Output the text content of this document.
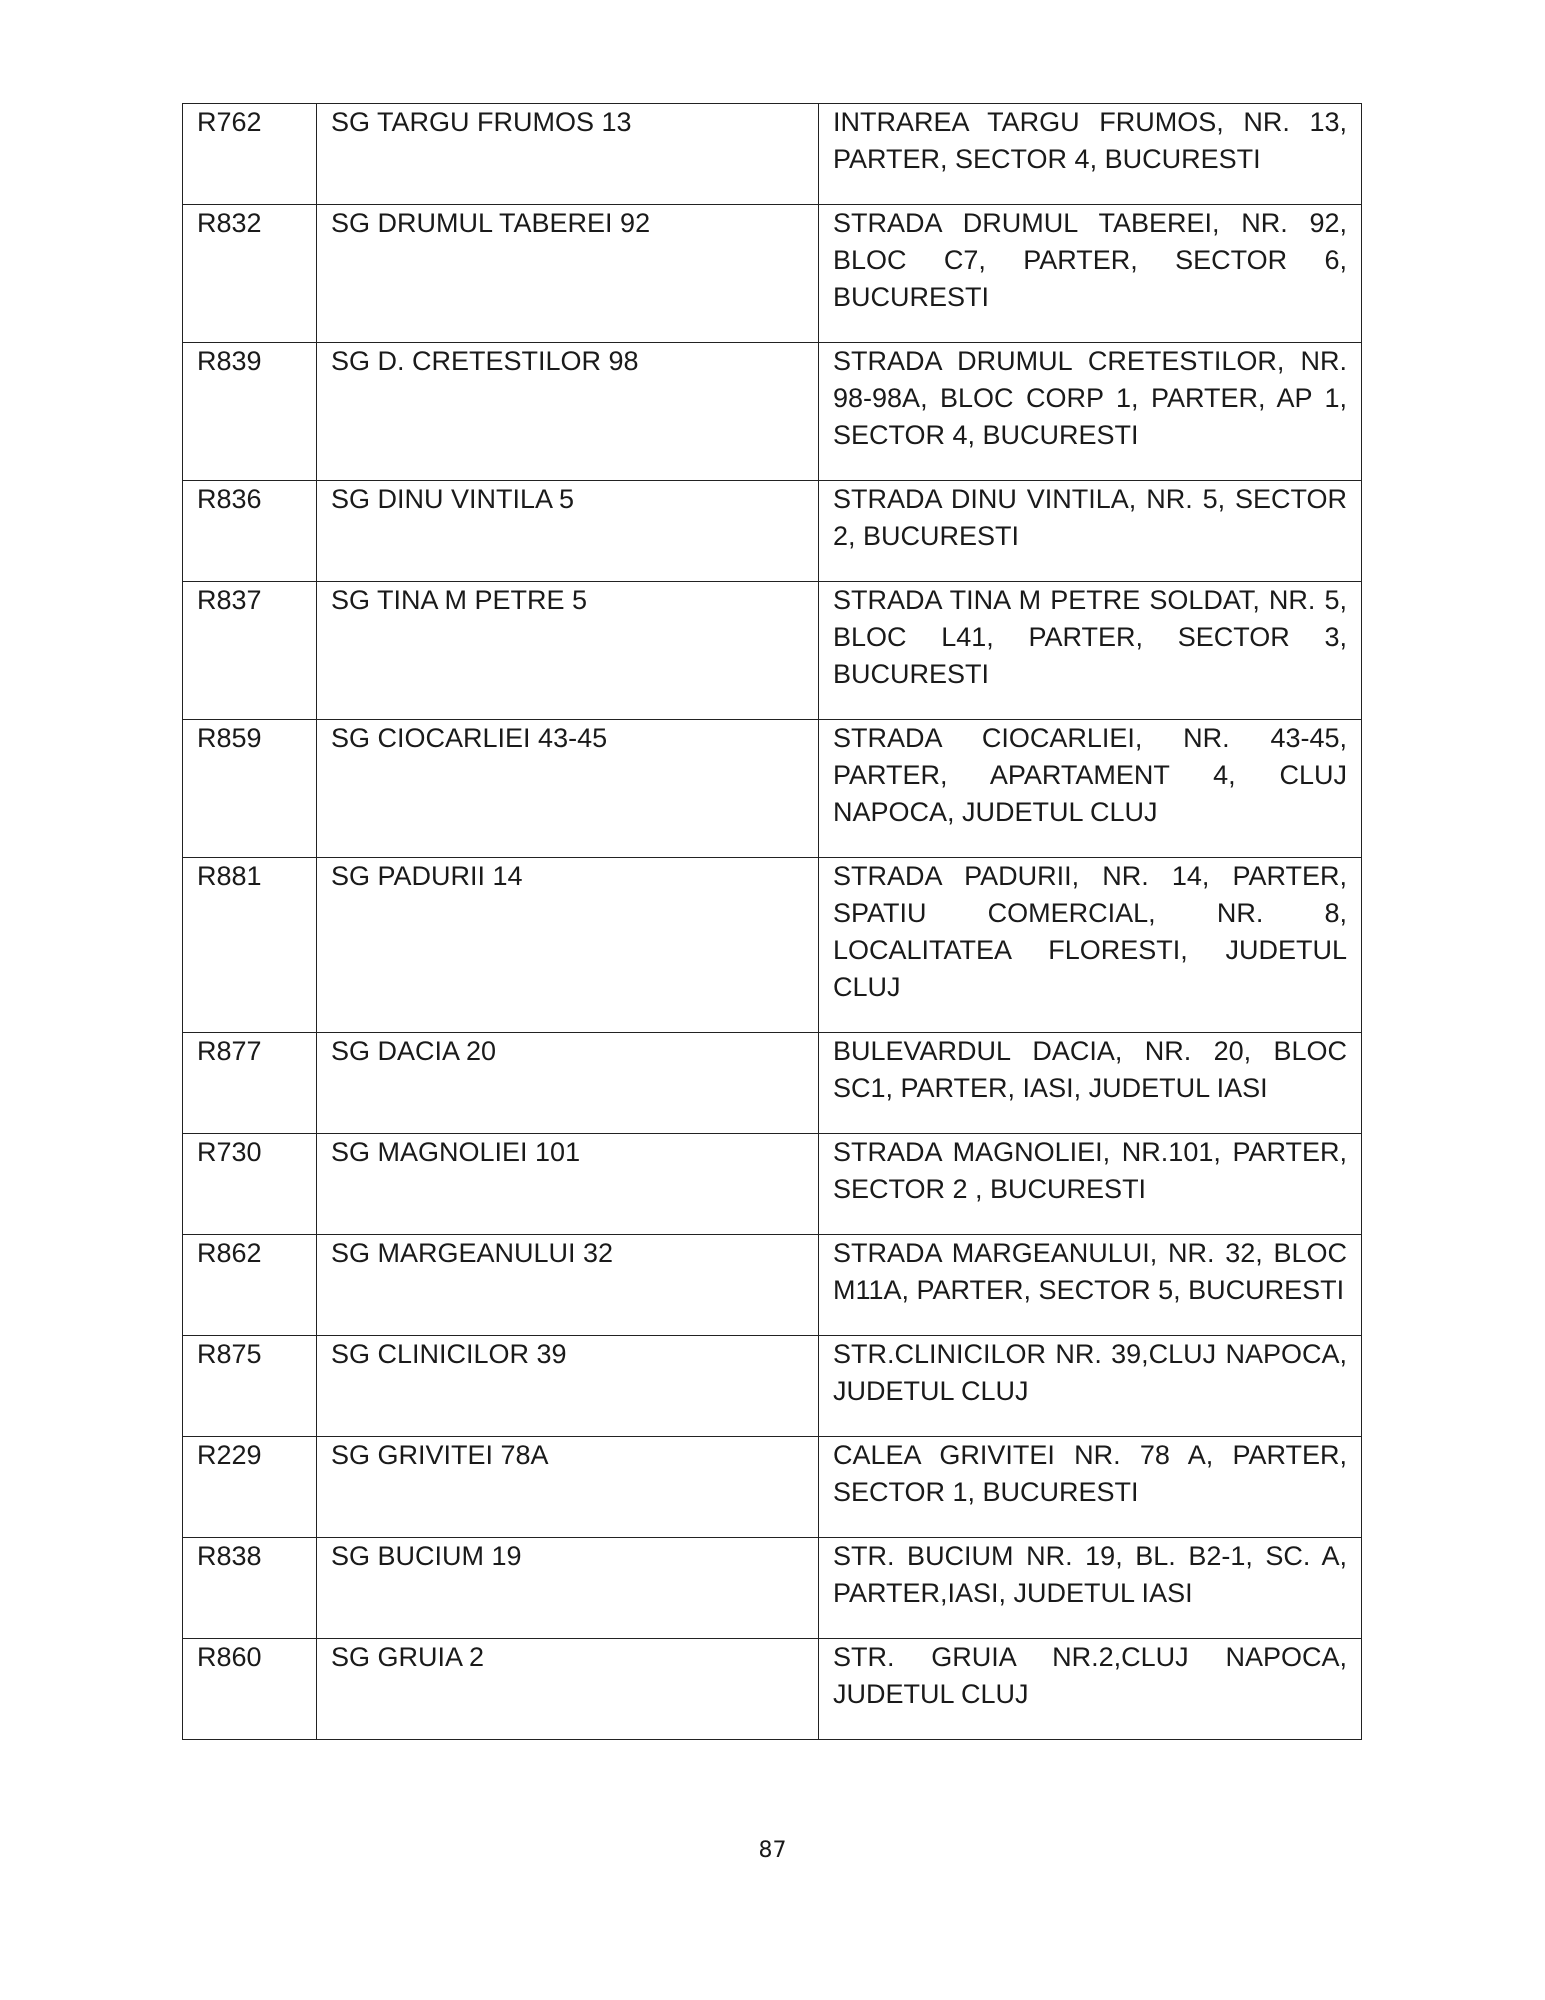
R762	SG TARGU FRUMOS 13	INTRAREA TARGU FRUMOS, NR. 13, PARTER, SECTOR 4, BUCURESTI
R832	SG DRUMUL TABEREI 92	STRADA DRUMUL TABEREI, NR. 92, BLOC C7, PARTER, SECTOR 6, BUCURESTI
R839	SG D. CRETESTILOR 98	STRADA DRUMUL CRETESTILOR, NR. 98-98A, BLOC CORP 1, PARTER, AP 1, SECTOR 4, BUCURESTI
R836	SG DINU VINTILA 5	STRADA DINU VINTILA, NR. 5, SECTOR 2, BUCURESTI
R837	SG TINA M PETRE 5	STRADA TINA M PETRE SOLDAT, NR. 5, BLOC L41, PARTER, SECTOR 3, BUCURESTI
R859	SG CIOCARLIEI 43-45	STRADA CIOCARLIEI, NR. 43-45, PARTER, APARTAMENT 4, CLUJ NAPOCA, JUDETUL CLUJ
R881	SG PADURII 14	STRADA PADURII, NR. 14, PARTER, SPATIU COMERCIAL, NR. 8, LOCALITATEA FLORESTI, JUDETUL CLUJ
R877	SG DACIA 20	BULEVARDUL DACIA, NR. 20, BLOC SC1, PARTER, IASI, JUDETUL IASI
R730	SG MAGNOLIEI 101	STRADA MAGNOLIEI, NR.101, PARTER, SECTOR 2 , BUCURESTI
R862	SG MARGEANULUI 32	STRADA MARGEANULUI, NR. 32, BLOC M11A, PARTER, SECTOR 5, BUCURESTI
R875	SG CLINICILOR 39	STR.CLINICILOR NR. 39,CLUJ NAPOCA, JUDETUL CLUJ
R229	SG GRIVITEI 78A	CALEA GRIVITEI NR. 78 A, PARTER, SECTOR 1, BUCURESTI
R838	SG BUCIUM 19	STR. BUCIUM NR. 19, BL. B2-1, SC. A, PARTER,IASI, JUDETUL IASI
R860	SG GRUIA 2	STR. GRUIA NR.2,CLUJ NAPOCA, JUDETUL CLUJ
87
